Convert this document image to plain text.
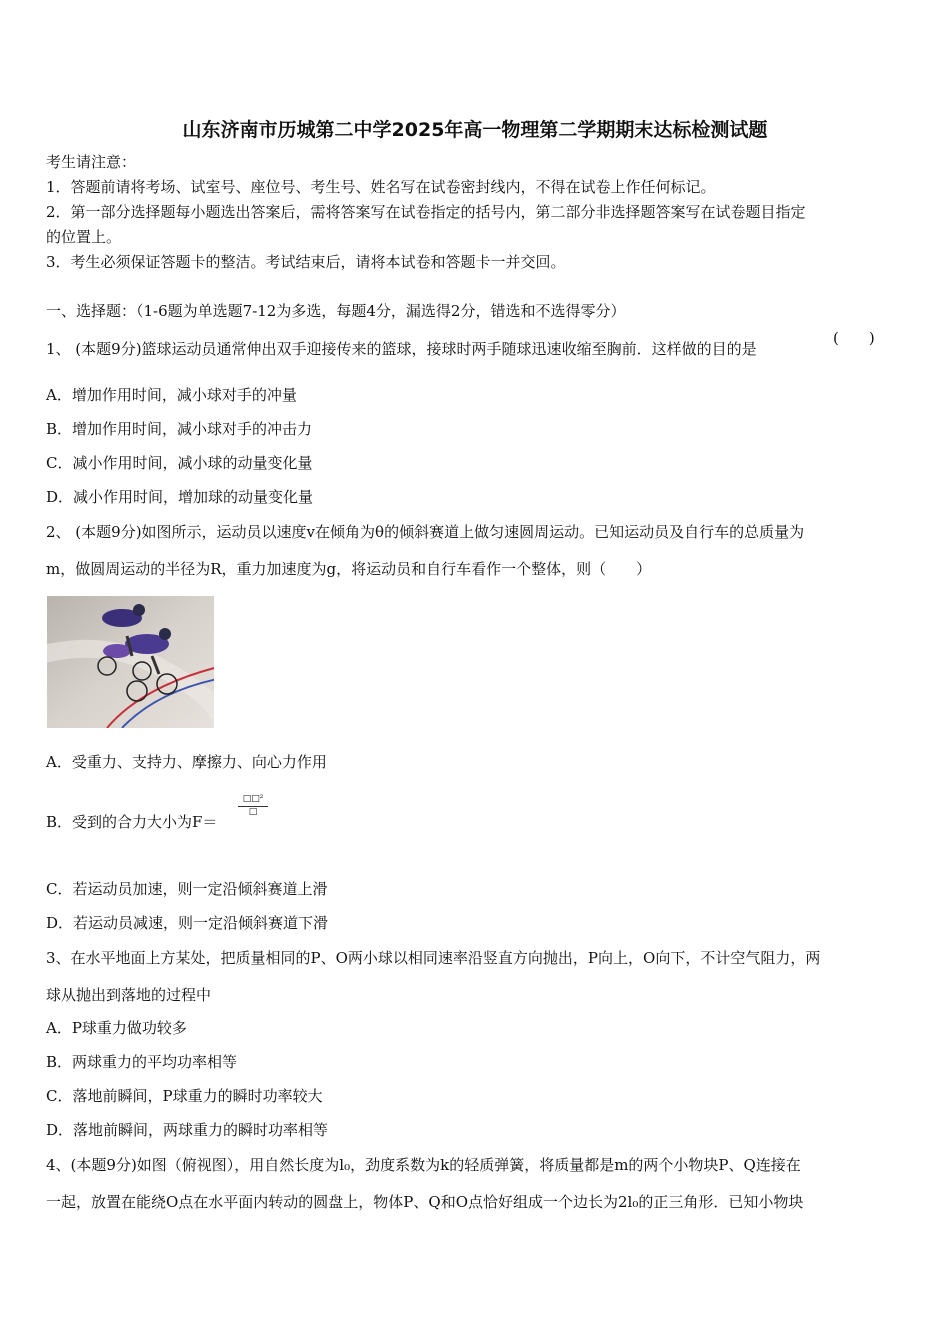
山东济南市历城第二中学2025年高一物理第二学期期末达标检测试题
考生请注意：
1．答题前请将考场、试室号、座位号、考生号、姓名写在试卷密封线内，不得在试卷上作任何标记。
2．第一部分选择题每小题选出答案后，需将答案写在试卷指定的括号内，第二部分非选择题答案写在试卷题目指定
的位置上。
3．考生必须保证答题卡的整洁。考试结束后，请将本试卷和答题卡一并交回。
一、选择题：（1-6题为单选题7-12为多选，每题4分，漏选得2分，错选和不选得零分）
1、 (本题9分)篮球运动员通常伸出双手迎接传来的篮球，接球时两手随球迅速收缩至胸前．这样做的目的是
(　　)
A．增加作用时间，减小球对手的冲量
B．增加作用时间，减小球对手的冲击力
C．减小作用时间，减小球的动量变化量
D．减小作用时间，增加球的动量变化量
2、 (本题9分)如图所示，运动员以速度v在倾角为θ的倾斜赛道上做匀速圆周运动。已知运动员及自行车的总质量为
m，做圆周运动的半径为R，重力加速度为g，将运动员和自行车看作一个整体，则（　　）
A．受重力、支持力、摩擦力、向心力作用
B．受到的合力大小为F＝
□□²
□
C．若运动员加速，则一定沿倾斜赛道上滑
D．若运动员减速，则一定沿倾斜赛道下滑
3、在水平地面上方某处，把质量相同的P、O两小球以相同速率沿竖直方向抛出，P向上，O向下，不计空气阻力，两
球从抛出到落地的过程中
A．P球重力做功较多
B．两球重力的平均功率相等
C．落地前瞬间，P球重力的瞬时功率较大
D．落地前瞬间，两球重力的瞬时功率相等
4、(本题9分)如图（俯视图），用自然长度为l₀，劲度系数为k的轻质弹簧，将质量都是m的两个小物块P、Q连接在
一起，放置在能绕O点在水平面内转动的圆盘上，物体P、Q和O点恰好组成一个边长为2l₀的正三角形．已知小物块
